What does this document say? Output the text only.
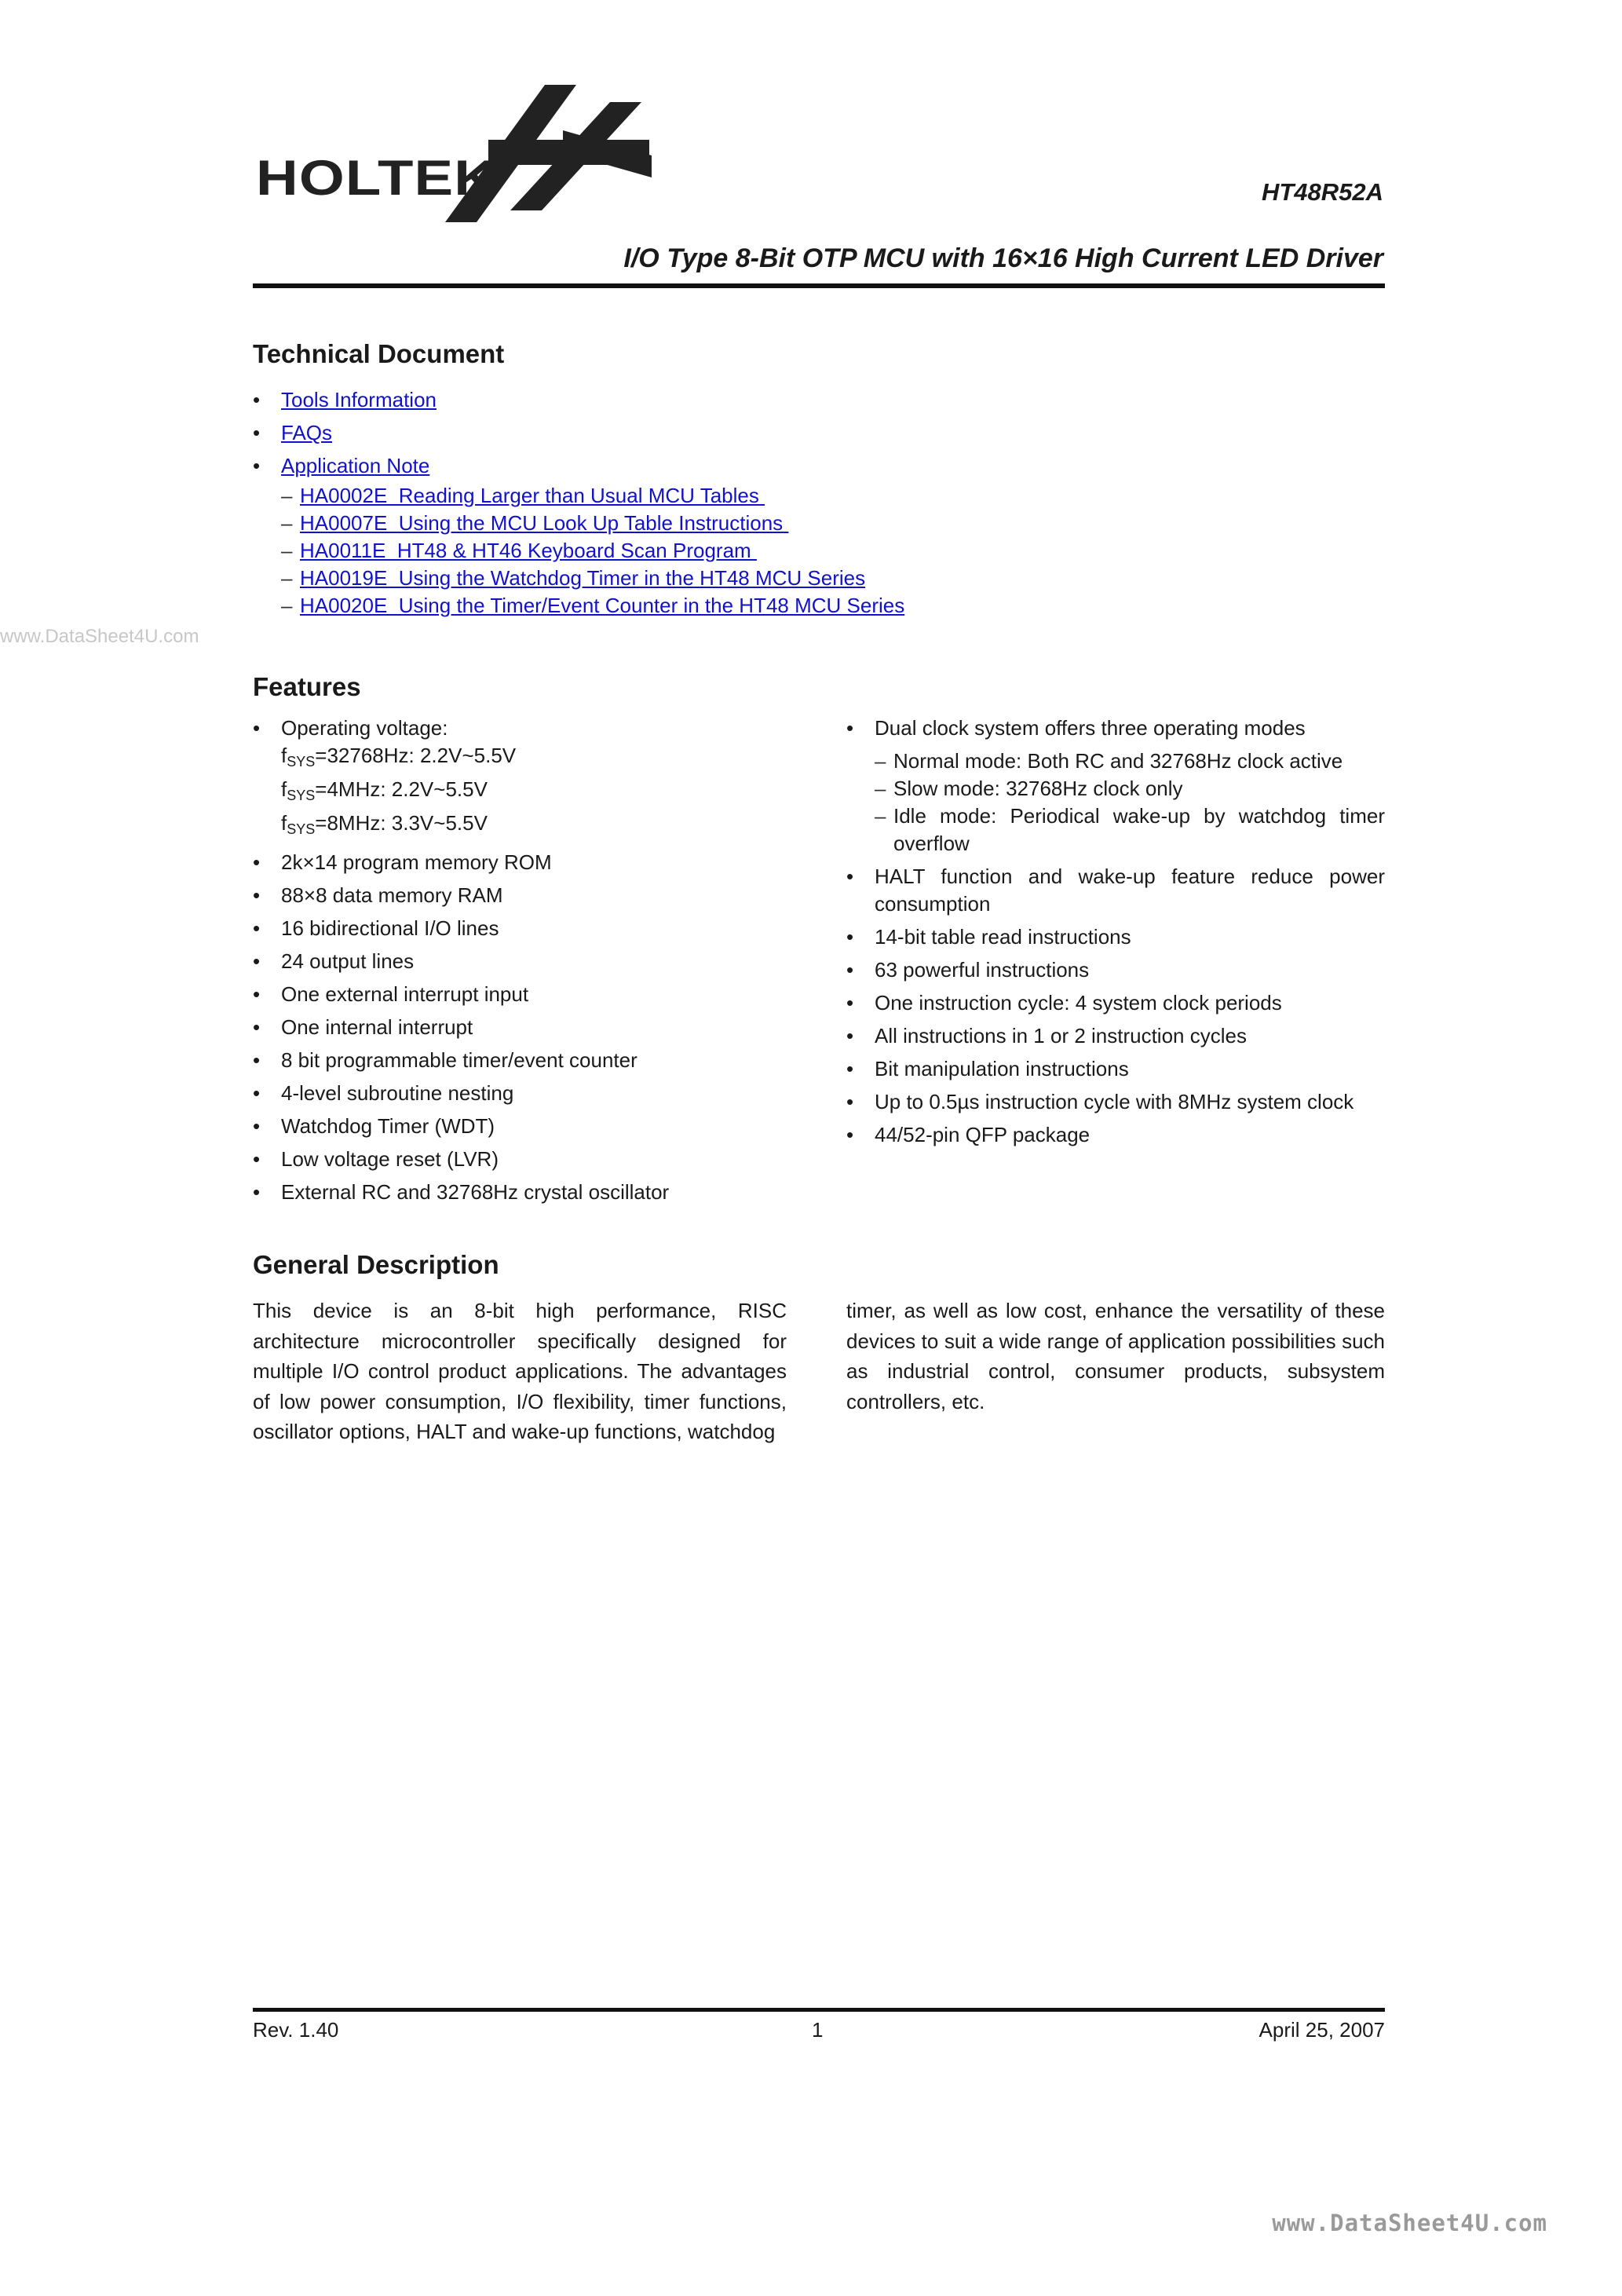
HOLTEK	HT48R52A
I/O Type 8-Bit OTP MCU with 16×16 High Current LED Driver
Technical Document
• Tools Information
• FAQs
• Application Note
– HA0002E  Reading Larger than Usual MCU Tables
– HA0007E  Using the MCU Look Up Table Instructions
– HA0011E  HT48 & HT46 Keyboard Scan Program
– HA0019E  Using the Watchdog Timer in the HT48 MCU Series
– HA0020E  Using the Timer/Event Counter in the HT48 MCU Series
www.DataSheet4U.com
Features
• Operating voltage:
$f_{SYS}=32768Hz$: 2.2V~5.5V
$f_{SYS}=4MHz$: 2.2V~5.5V
$f_{SYS}=8MHz$: 3.3V~5.5V
• 2k×14 program memory ROM
• 88×8 data memory RAM
• 16 bidirectional I/O lines
• 24 output lines
• One external interrupt input
• One internal interrupt
• 8 bit programmable timer/event counter
• 4-level subroutine nesting
• Watchdog Timer (WDT)
• Low voltage reset (LVR)
• External RC and 32768Hz crystal oscillator
• Dual clock system offers three operating modes
– Normal mode: Both RC and 32768Hz clock active
– Slow mode: 32768Hz clock only
– Idle mode: Periodical wake-up by watchdog timer overflow
• HALT function and wake-up feature reduce power consumption
• 14-bit table read instructions
• 63 powerful instructions
• One instruction cycle: 4 system clock periods
• All instructions in 1 or 2 instruction cycles
• Bit manipulation instructions
• Up to 0.5µs instruction cycle with 8MHz system clock
• 44/52-pin QFP package
General Description

This device is an 8-bit high performance, RISC architecture microcontroller specifically designed for multiple I/O control product applications. The advantages of low power consumption, I/O flexibility, timer functions, oscillator options, HALT and wake-up functions, watchdog

timer, as well as low cost, enhance the versatility of these devices to suit a wide range of application possibilities such as industrial control, consumer products, subsystem controllers, etc.

Rev. 1.40	1	April 25, 2007
www.DataSheet4U.com
